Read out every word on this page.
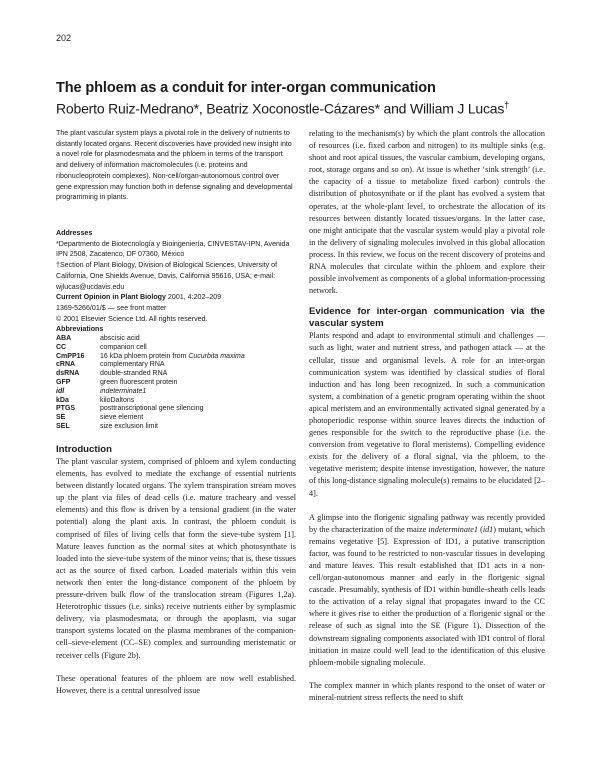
202
The phloem as a conduit for inter-organ communication
Roberto Ruiz-Medrano*, Beatriz Xoconostle-Cázares* and William J Lucas†

The plant vascular system plays a pivotal role in the delivery of nutrients to distantly located organs. Recent discoveries have provided new insight into a novel role for plasmodesmata and the phloem in terms of the transport and delivery of information macromolecules (i.e. proteins and ribonucleoprotein complexes). Non-cell/organ-autonomous control over gene expression may function both in defense signaling and developmental programming in plants.

Addresses

*Departmento de Biotecnología y Bioingeniería, CINVESTAV-IPN, Avenida IPN 2508, Zacatenco, DF 07360, México

†Section of Plant Biology, Division of Biological Sciences, University of California, One Shields Avenue, Davis, California 95616, USA; e-mail: wjlucas@ucdavis.edu

Current Opinion in Plant Biology 2001, 4:202–209

1369-5266/01/$ — see front matter

© 2001 Elsevier Science Ltd. All rights reserved.

Abbreviations

ABA	abscisic acid
CC	companion cell
CmPP16	16 kDa phloem protein from Cucurbita maxima
cRNA	complementary RNA
dsRNA	double-stranded RNA
GFP	green fluorescent protein
idl	indeterminate1
kDa	kiloDaltons
PTGS	posttranscriptional gene silencing
SE	sieve element
SEL	size exclusion limit
Introduction

The plant vascular system, comprised of phloem and xylem conducting elements, has evolved to mediate the exchange of essential nutrients between distantly located organs. The xylem transpiration stream moves up the plant via files of dead cells (i.e. mature tracheary and vessel elements) and this flow is driven by a tensional gradient (in the water potential) along the plant axis. In contrast, the phloem conduit is comprised of files of living cells that form the sieve-tube system [1]. Mature leaves function as the normal sites at which photosynthate is loaded into the sieve-tube system of the minor veins; that is, these tissues act as the source of fixed carbon. Loaded materials within this vein network then enter the long-distance component of the phloem by pressure-driven bulk flow of the translocation stream (Figures 1,2a). Heterotrophic tissues (i.e. sinks) receive nutrients either by symplasmic delivery, via plasmodesmata, or through the apoplasm, via sugar transport systems located on the plasma membranes of the companion-cell–sieve-element (CC–SE) complex and surrounding meristematic or receiver cells (Figure 2b).

These operational features of the phloem are now well established. However, there is a central unresolved issue

relating to the mechanism(s) by which the plant controls the allocation of resources (i.e. fixed carbon and nitrogen) to its multiple sinks (e.g. shoot and root apical tissues, the vascular cambium, developing organs, root, storage organs and so on). At issue is whether ‘sink strength’ (i.e. the capacity of a tissue to metabolize fixed carbon) controls the distribution of photosynthate or if the plant has evolved a system that operates, at the whole-plant level, to orchestrate the allocation of its resources between distantly located tissues/organs. In the latter case, one might anticipate that the vascular system would play a pivotal role in the delivery of signaling molecules involved in this global allocation process. In this review, we focus on the recent discovery of proteins and RNA molecules that circulate within the phloem and explore their possible involvement as components of a global information-processing network.

Evidence for inter-organ communication via the vascular system

Plants respond and adapt to environmental stimuli and challenges — such as light, water and nutrient stress, and pathogen attack — at the cellular, tissue and organismal levels. A role for an inter-organ communication system was identified by classical studies of floral induction and has long been recognized. In such a communication system, a combination of a genetic program operating within the shoot apical meristem and an environmentally activated signal generated by a photoperiodic response within source leaves directs the induction of genes responsible for the switch to the reproductive phase (i.e. the conversion from vegetative to floral meristems). Compelling evidence exists for the delivery of a floral signal, via the phloem, to the vegetative meristem; despite intense investigation, however, the nature of this long-distance signaling molecule(s) remains to be elucidated [2–4].

A glimpse into the florigenic signaling pathway was recently provided by the characterization of the maize indeterminate1 (id1) mutant, which remains vegetative [5]. Expression of ID1, a putative transcription factor, was found to be restricted to non-vascular tissues in developing and mature leaves. This result established that ID1 acts in a non-cell/organ-autonomous manner and early in the florigenic signal cascade. Presumably, synthesis of ID1 within bundle-sheath cells leads to the activation of a relay signal that propagates inward to the CC where it gives rise to either the production of a florigenic signal or the release of such as signal into the SE (Figure 1). Dissection of the downstream signaling components associated with ID1 control of floral initiation in maize could well lead to the identification of this elusive phloem-mobile signaling molecule.

The complex manner in which plants respond to the onset of water or mineral-nutrient stress reflects the need to shift
